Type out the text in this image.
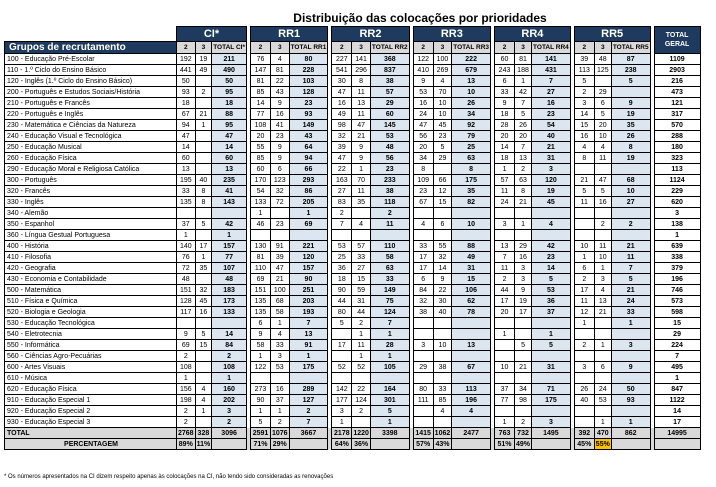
Distribuição das colocações por prioridades
	CI*				RR1				RR2				RR3				RR4				RR5				TOTAL GERAL
Grupos de recrutamento	2	3	TOTAL CI*		2	3	TOTAL RR1		2	3	TOTAL RR2		2	3	TOTAL RR3		2	3	TOTAL RR4		2	3	TOTAL RR5		
100 - Educação Pré-Escolar	192	19	211		76	4	80		227	141	368		122	100	222		60	81	141		39	48	87		1109
110 - 1.º Ciclo do Ensino Básico	441	49	490		147	81	228		541	296	837		410	269	679		243	188	431		113	125	238		2903
120 - Inglês (1.º Ciclo do Ensino Básico)	50		50		81	22	103		30	8	38		9	4	13		6	1	7		5		5		216
200 - Português e Estudos Sociais/História	93	2	95		85	43	128		47	11	57		53	70	10		33	42	27		2	29			473
210 - Português e Francês	18		18		14	9	23		16	13	29		16	10	26		9	7	16		3	6	9		121
220 - Português e Inglês	67	21	88		77	16	93		49	11	60		24	10	34		18	5	23		14	5	19		317
230 - Matemática e Ciências da Natureza	94	1	95		108	41	149		98	47	145		47	45	92		28	26	54		15	20	35		570
240 - Educação Visual e Tecnológica	47		47		20	23	43		32	21	53		56	23	79		20	20	40		16	10	26		288
250 - Educação Musical	14		14		55	9	64		39	9	48		20	5	25		14	7	21		4	4	8		180
260 - Educação Física	60		60		85	9	94		47	9	56		34	29	63		18	13	31		8	11	19		323
290 - Educação Moral e Religiosa Católica	13		13		60	6	66		22	1	23		8		8		1	2	3						113
300 - Português	195	40	235		170	123	293		163	70	233		109	66	175		57	63	120		21	47	68		1124
320 - Francês	33	8	41		54	32	86		27	11	38		23	12	35		11	8	19		5	5	10		229
330 - Inglês	135	8	143		133	72	205		83	35	118		67	15	82		24	21	45		11	16	27		620
340 - Alemão					1		1		2		2														3
350 - Espanhol	37	5	42		46	23	69		7	4	11		4	6	10		3	1	4			2	2		138
360 - Língua Gestual Portuguesa	1		1																						1
400 - História	140	17	157		130	91	221		53	57	110		33	55	88		13	29	42		10	11	21		639
410 - Filosofia	76	1	77		81	39	120		25	33	58		17	32	49		7	16	23		1	10	11		338
420 - Geografia	72	35	107		110	47	157		36	27	63		17	14	31		11	3	14		6	1	7		379
430 - Economia e Contabilidade	48		48		69	21	90		18	15	33		6	9	15		2	3	5		2	3	5		196
500 - Matemática	151	32	183		151	100	251		90	59	149		84	22	106		44	9	53		17	4	21		746
510 - Física e Química	128	45	173		135	68	203		44	31	75		32	30	62		17	19	36		11	13	24		573
520 - Biologia e Geologia	117	16	133		135	58	193		80	44	124		38	40	78		20	17	37		12	21	33		598
530 - Educação Tecnológica					6	1	7		5	2	7										1		1		15
540 - Eletrotecnia	9	5	14		9	4	13			1	1						1		1						29
550 - Informática	69	15	84		58	33	91		17	11	28		3	10	13			5	5		2	1	3		224
560 - Ciências Agro-Pecuárias	2		2		1	3	1			1	1														7
600 - Artes Visuais	108		108		122	53	175		52	52	105		29	38	67		10	21	31		3	6	9		495
610 - Música	1		1																						1
620 - Educação Física	156	4	160		273	16	289		142	22	164		80	33	113		37	34	71		26	24	50		847
910 - Educação Especial 1	198	4	202		90	37	127		177	124	301		111	85	196		77	98	175		40	53	93		1122
920 - Educação Especial 2	2	1	3		1	1	2		3	2	5			4	4										14
930 - Educação Especial 3	2		2		5	2	7		1		1						1	2	3			1	1		17
TOTAL	2768	328	3096		2591	1076	3667		2178	1220	3398		1415	1062	2477		763	732	1495		392	470	862		14995
PERCENTAGEM	89%	11%			71%	29%			64%	36%			57%	43%			51%	49%			45%	55%			
* Os números apresentados na CI dizem respeito apenas às colocações na CI, não tendo sido consideradas as renovações
